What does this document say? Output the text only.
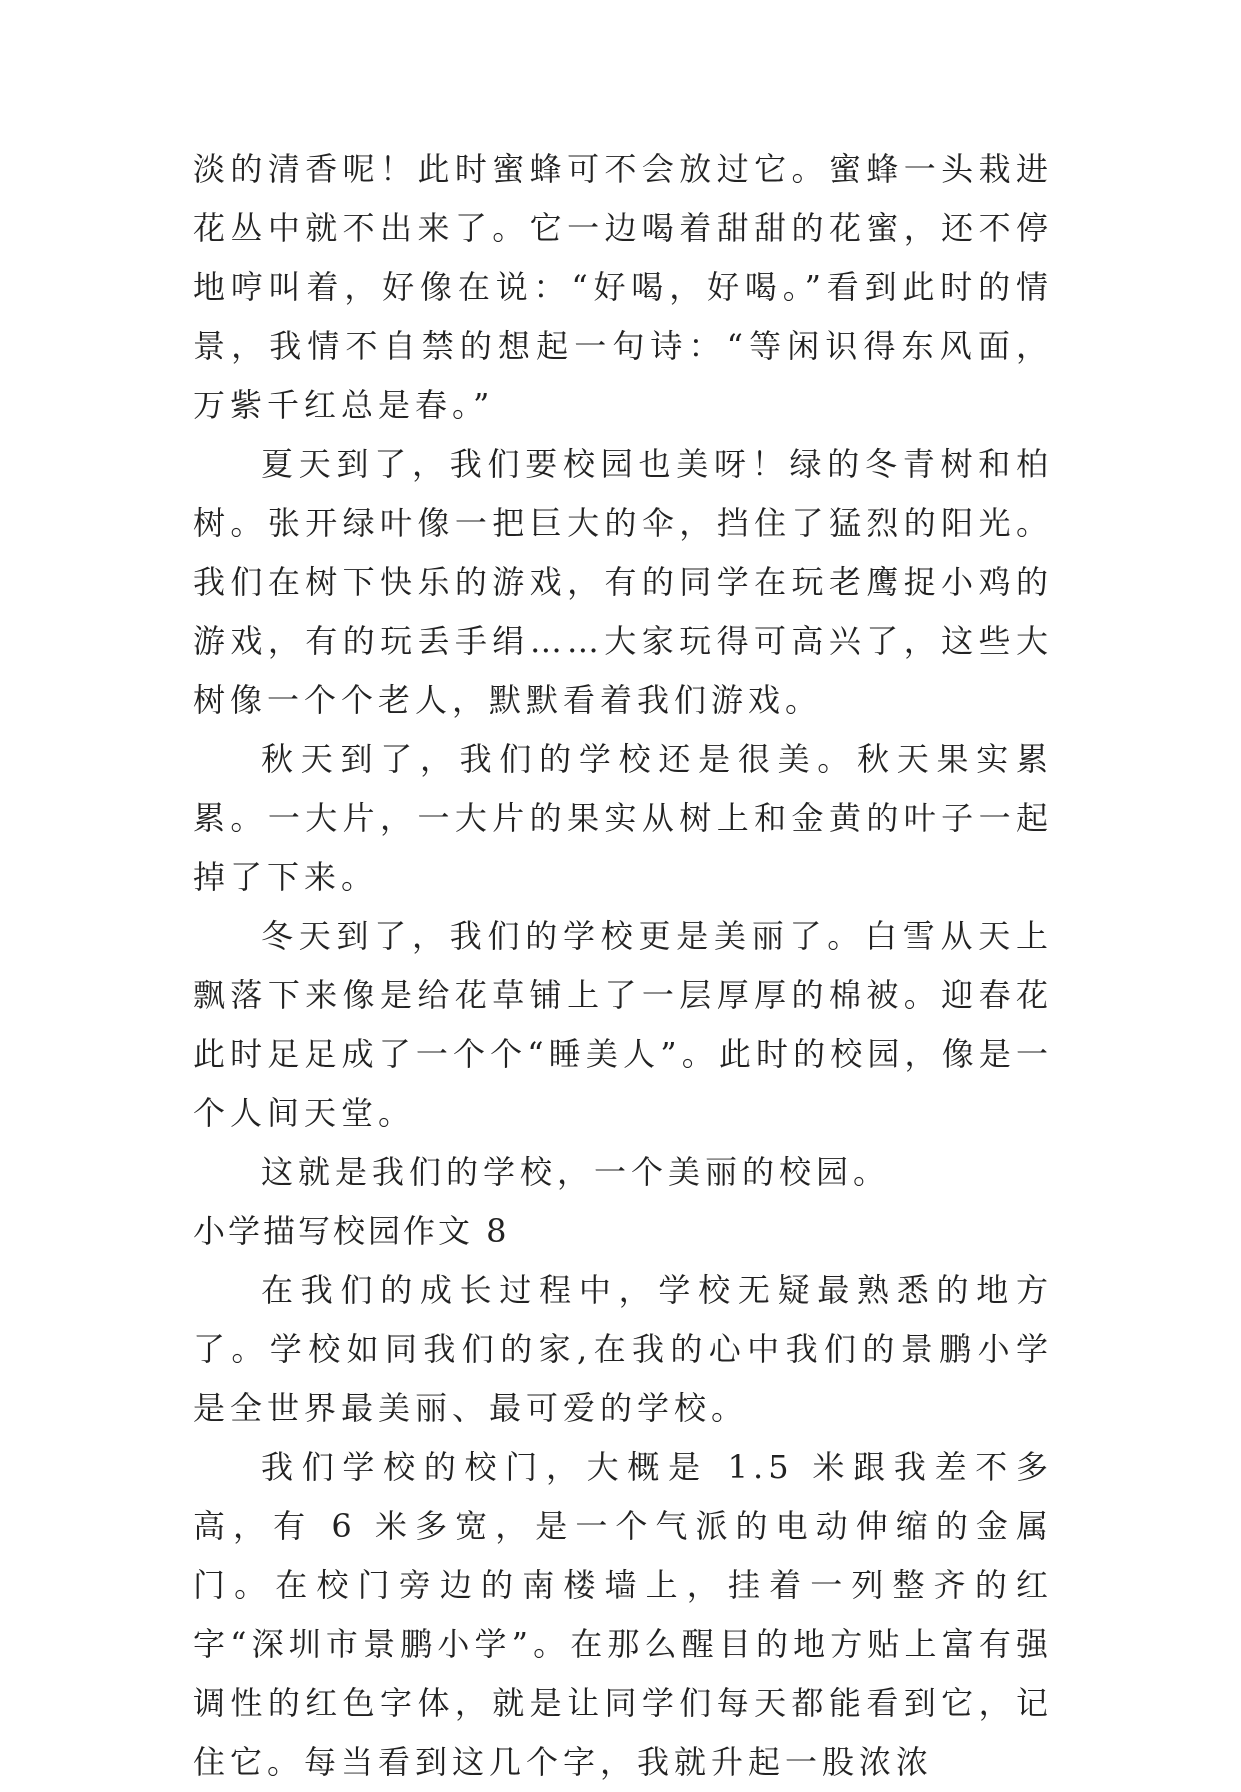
淡的清香呢！此时蜜蜂可不会放过它。蜜蜂一头栽进花丛中就不出来了。它一边喝着甜甜的花蜜，还不停地哼叫着，好像在说：“好喝，好喝。”看到此时的情景，我情不自禁的想起一句诗：“等闲识得东风面，万紫千红总是春。”

夏天到了，我们要校园也美呀！绿的冬青树和柏树。张开绿叶像一把巨大的伞，挡住了猛烈的阳光。我们在树下快乐的游戏，有的同学在玩老鹰捉小鸡的游戏，有的玩丢手绢……大家玩得可高兴了，这些大树像一个个老人，默默看着我们游戏。

秋天到了，我们的学校还是很美。秋天果实累累。一大片，一大片的果实从树上和金黄的叶子一起掉了下来。

冬天到了，我们的学校更是美丽了。白雪从天上飘落下来像是给花草铺上了一层厚厚的棉被。迎春花此时足足成了一个个“睡美人”。此时的校园，像是一个人间天堂。

这就是我们的学校，一个美丽的校园。

小学描写校园作文 8

在我们的成长过程中，学校无疑最熟悉的地方了。学校如同我们的家,在我的心中我们的景鹏小学是全世界最美丽、最可爱的学校。

我们学校的校门，大概是 1.5 米跟我差不多高，有 6 米多宽，是一个气派的电动伸缩的金属门。在校门旁边的南楼墙上，挂着一列整齐的红字“深圳市景鹏小学”。在那么醒目的地方贴上富有强调性的红色字体，就是让同学们每天都能看到它，记住它。每当看到这几个字，我就升起一股浓浓
